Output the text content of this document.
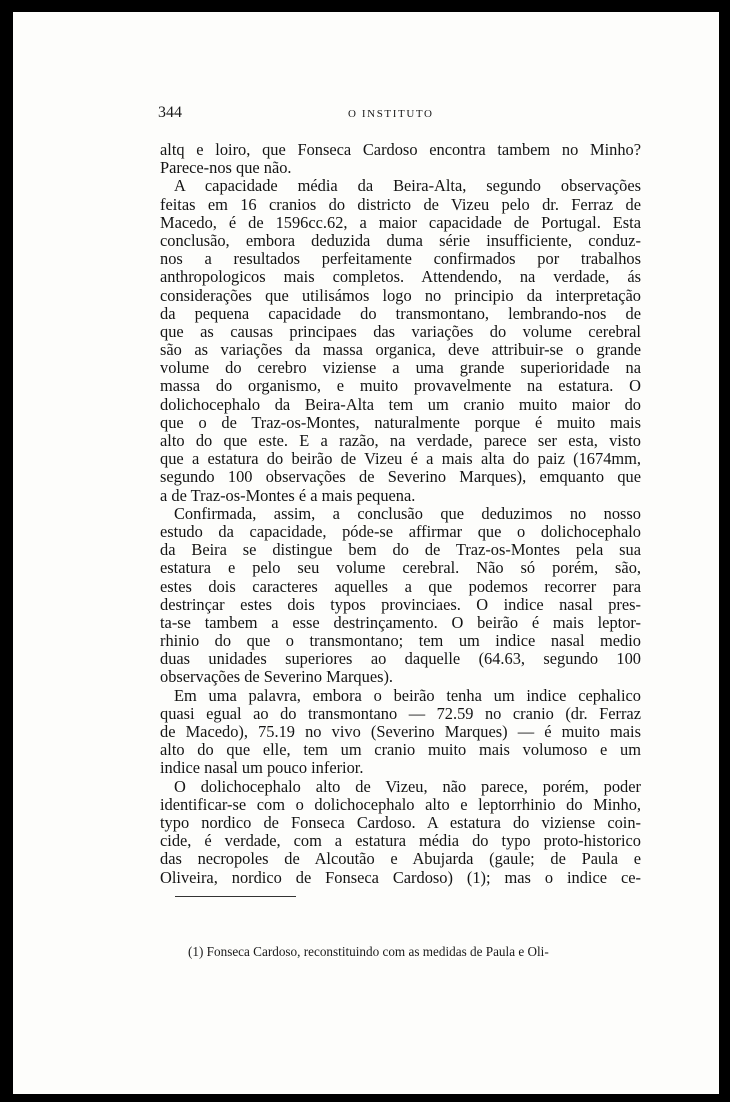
344	O INSTITUTO
altq e loiro, que Fonseca Cardoso encontra tambem no Minho?
Parece-nos que não.
A capacidade média da Beira-Alta, segundo observações
feitas em 16 cranios do districto de Vizeu pelo dr. Ferraz de
Macedo, é de 1596cc.62, a maior capacidade de Portugal. Esta
conclusão, embora deduzida duma série insufficiente, conduz-
nos a resultados perfeitamente confirmados por trabalhos
anthropologicos mais completos. Attendendo, na verdade, ás
considerações que utilisámos logo no principio da interpretação
da pequena capacidade do transmontano, lembrando-nos de
que as causas principaes das variações do volume cerebral
são as variações da massa organica, deve attribuir-se o grande
volume do cerebro viziense a uma grande superioridade na
massa do organismo, e muito provavelmente na estatura. O
dolichocephalo da Beira-Alta tem um cranio muito maior do
que o de Traz-os-Montes, naturalmente porque é muito mais
alto do que este. E a razão, na verdade, parece ser esta, visto
que a estatura do beirão de Vizeu é a mais alta do paiz (1674mm,
segundo 100 observações de Severino Marques), emquanto que
a de Traz-os-Montes é a mais pequena.
Confirmada, assim, a conclusão que deduzimos no nosso
estudo da capacidade, póde-se affirmar que o dolichocephalo
da Beira se distingue bem do de Traz-os-Montes pela sua
estatura e pelo seu volume cerebral. Não só porém, são,
estes dois caracteres aquelles a que podemos recorrer para
destrinçar estes dois typos provinciaes. O indice nasal pres-
ta-se tambem a esse destrinçamento. O beirão é mais leptor-
rhinio do que o transmontano; tem um indice nasal medio
duas unidades superiores ao daquelle (64.63, segundo 100
observações de Severino Marques).
Em uma palavra, embora o beirão tenha um indice cephalico
quasi egual ao do transmontano — 72.59 no cranio (dr. Ferraz
de Macedo), 75.19 no vivo (Severino Marques) — é muito mais
alto do que elle, tem um cranio muito mais volumoso e um
indice nasal um pouco inferior.
O dolichocephalo alto de Vizeu, não parece, porém, poder
identificar-se com o dolichocephalo alto e leptorrhinio do Minho,
typo nordico de Fonseca Cardoso. A estatura do viziense coin-
cide, é verdade, com a estatura média do typo proto-historico
das necropoles de Alcoutão e Abujarda (gaule; de Paula e
Oliveira, nordico de Fonseca Cardoso) (1); mas o indice ce-
(1) Fonseca Cardoso, reconstituindo com as medidas de Paula e Oli-
